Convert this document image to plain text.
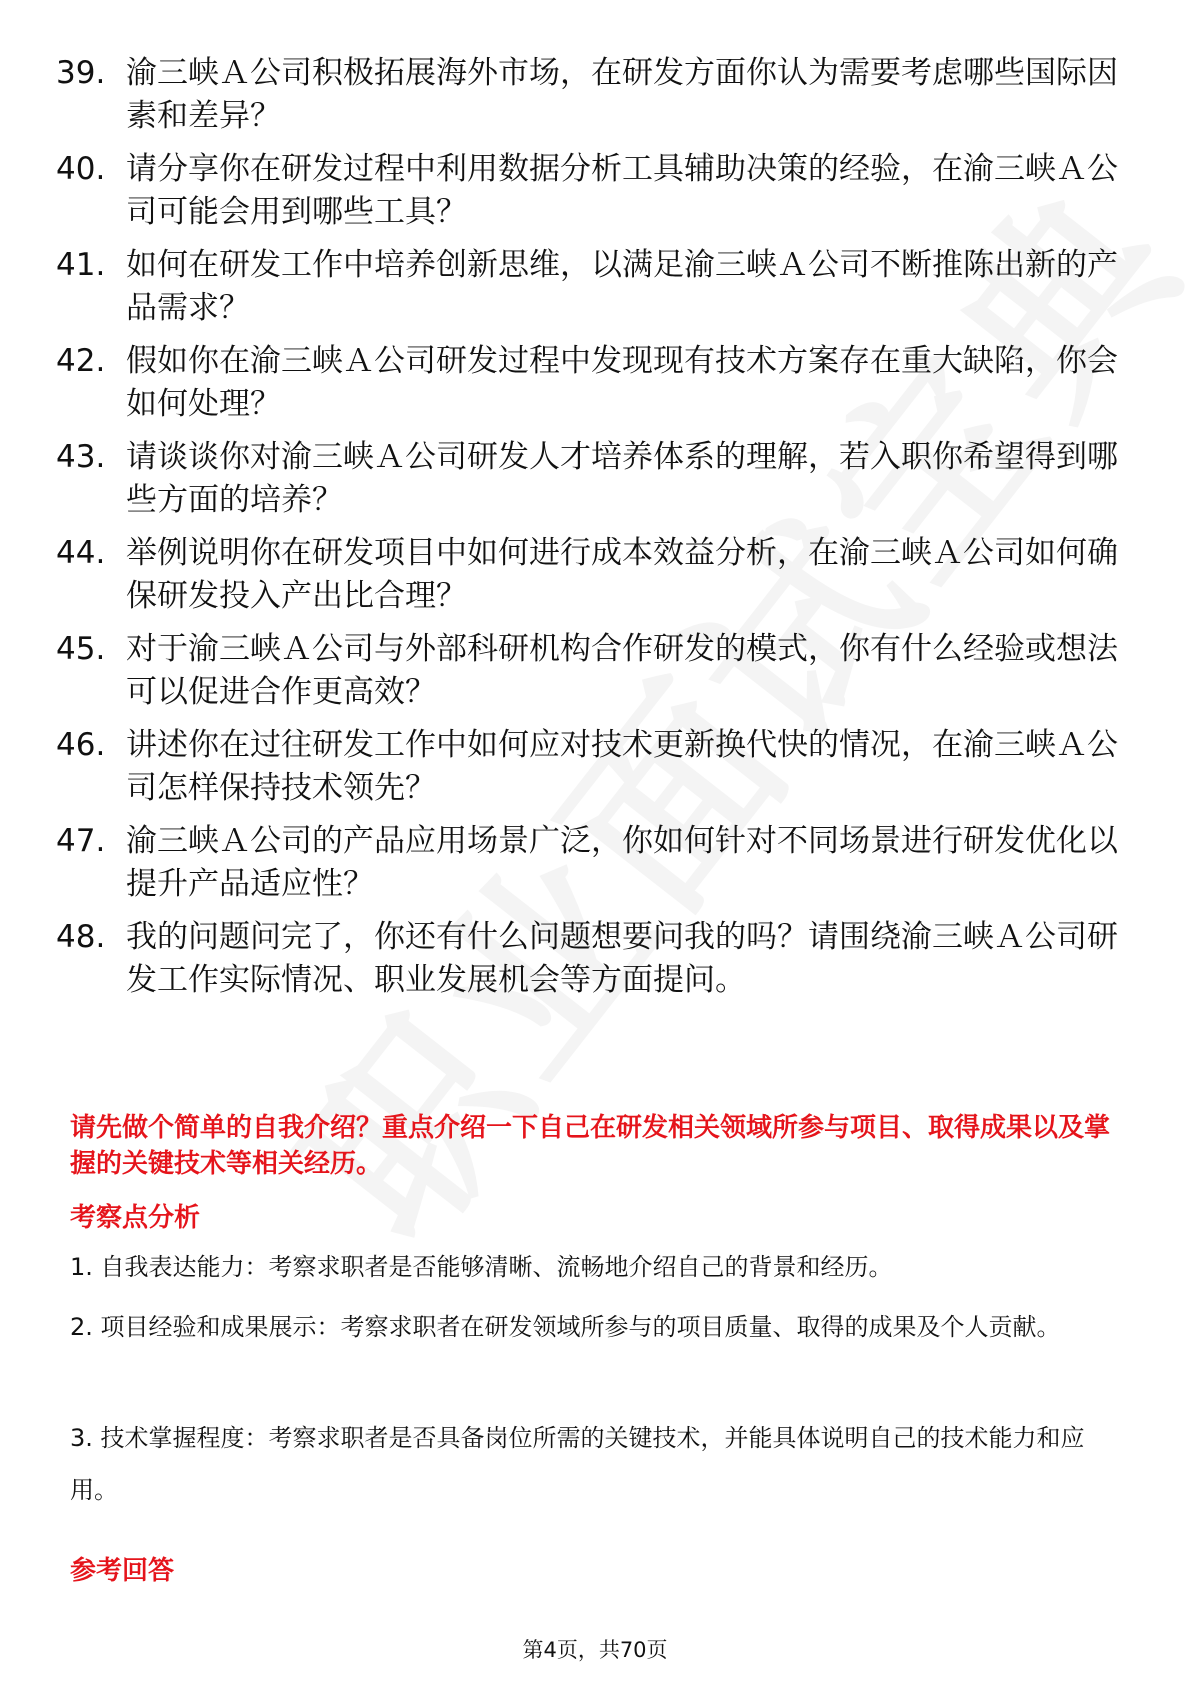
39. 渝三峡Ａ公司积极拓展海外市场，在研发方面你认为需要考虑哪些国际因素和差异？
40. 请分享你在研发过程中利用数据分析工具辅助决策的经验，在渝三峡Ａ公司可能会用到哪些工具？
41. 如何在研发工作中培养创新思维，以满足渝三峡Ａ公司不断推陈出新的产品需求？
42. 假如你在渝三峡Ａ公司研发过程中发现现有技术方案存在重大缺陷，你会如何处理？
43. 请谈谈你对渝三峡Ａ公司研发人才培养体系的理解，若入职你希望得到哪些方面的培养？
44. 举例说明你在研发项目中如何进行成本效益分析，在渝三峡Ａ公司如何确保研发投入产出比合理？
45. 对于渝三峡Ａ公司与外部科研机构合作研发的模式，你有什么经验或想法可以促进合作更高效？
46. 讲述你在过往研发工作中如何应对技术更新换代快的情况，在渝三峡Ａ公司怎样保持技术领先？
47. 渝三峡Ａ公司的产品应用场景广泛，你如何针对不同场景进行研发优化以提升产品适应性？
48. 我的问题问完了，你还有什么问题想要问我的吗？请围绕渝三峡Ａ公司研发工作实际情况、职业发展机会等方面提问。
请先做个简单的自我介绍？重点介绍一下自己在研发相关领域所参与项目、取得成果以及掌握的关键技术等相关经历。
考察点分析
1. 自我表达能力：考察求职者是否能够清晰、流畅地介绍自己的背景和经历。
2. 项目经验和成果展示：考察求职者在研发领域所参与的项目质量、取得的成果及个人贡献。
3. 技术掌握程度：考察求职者是否具备岗位所需的关键技术，并能具体说明自己的技术能力和应用。
参考回答
第4页，共70页
